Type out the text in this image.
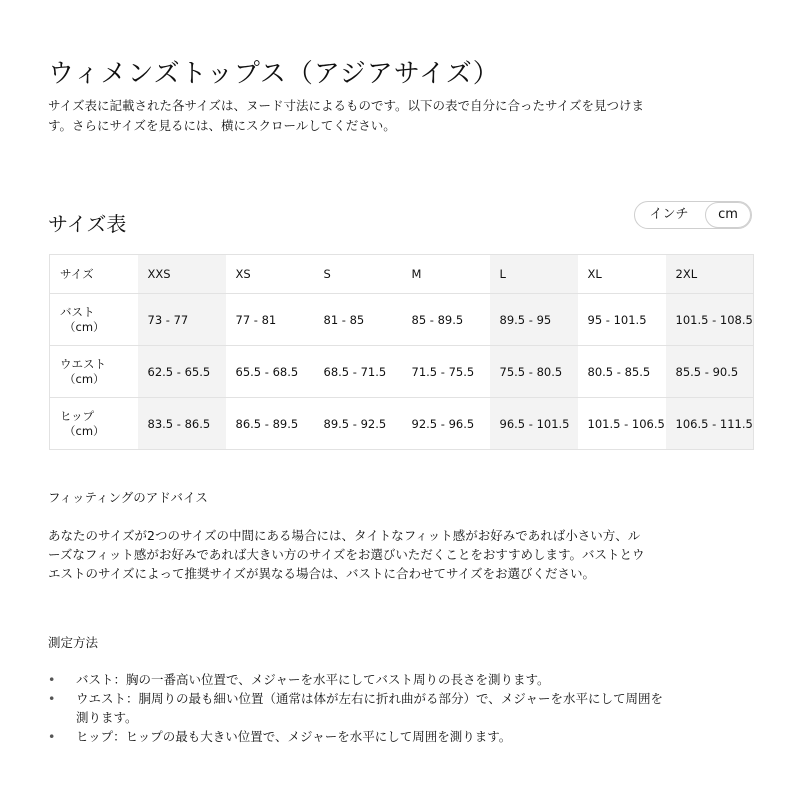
ウィメンズトップス（アジアサイズ）

サイズ表に記載された各サイズは、ヌード寸法によるものです。以下の表で自分に合ったサイズを見つけます。さらにサイズを見るには、横にスクロールしてください。

サイズ表	インチ	cm
サイズ	XXS	XS	S	M	L	XL	2XL

バスト
（cm）	73 - 77	77 - 81	81 - 85	85 - 89.5	89.5 - 95	95 - 101.5	101.5 - 108.5

ウエスト
（cm）	62.5 - 65.5	65.5 - 68.5	68.5 - 71.5	71.5 - 75.5	75.5 - 80.5	80.5 - 85.5	85.5 - 90.5

ヒップ
（cm）	83.5 - 86.5	86.5 - 89.5	89.5 - 92.5	92.5 - 96.5	96.5 - 101.5	101.5 - 106.5	106.5 - 111.5
フィッティングのアドバイス

あなたのサイズが2つのサイズの中間にある場合には、タイトなフィット感がお好みであれば小さい方、ルーズなフィット感がお好みであれば大きい方のサイズをお選びいただくことをおすすめします。バストとウエストのサイズによって推奨サイズが異なる場合は、バストに合わせてサイズをお選びください。

測定方法
•	バスト：胸の一番高い位置で、メジャーを水平にしてバスト周りの長さを測ります。
•	ウエスト：胴周りの最も細い位置（通常は体が左右に折れ曲がる部分）で、メジャーを水平にして周囲を測ります。
•	ヒップ：ヒップの最も大きい位置で、メジャーを水平にして周囲を測ります。
